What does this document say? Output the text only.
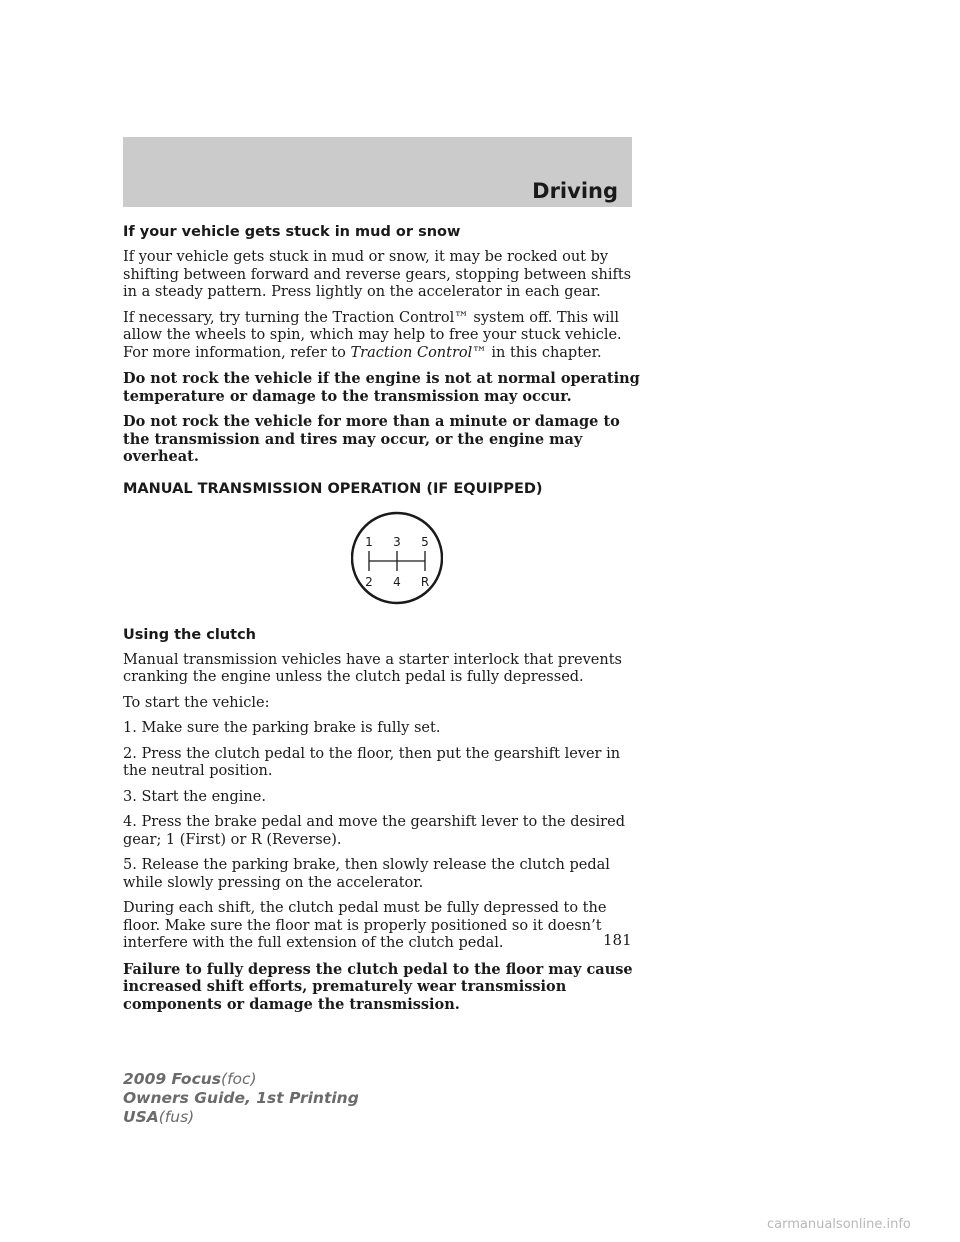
Driving
If your vehicle gets stuck in mud or snow

If your vehicle gets stuck in mud or snow, it may be rocked out by shifting between forward and reverse gears, stopping between shifts in a steady pattern. Press lightly on the accelerator in each gear.

If necessary, try turning the Traction Control™ system off. This will allow the wheels to spin, which may help to free your stuck vehicle. For more information, refer to Traction Control™ in this chapter.

Do not rock the vehicle if the engine is not at normal operating temperature or damage to the transmission may occur.

Do not rock the vehicle for more than a minute or damage to the transmission and tires may occur, or the engine may overheat.

MANUAL TRANSMISSION OPERATION (IF EQUIPPED)
1 3 5
2 4 R
Using the clutch

Manual transmission vehicles have a starter interlock that prevents cranking the engine unless the clutch pedal is fully depressed.

To start the vehicle:

1. Make sure the parking brake is fully set.

2. Press the clutch pedal to the floor, then put the gearshift lever in the neutral position.

3. Start the engine.

4. Press the brake pedal and move the gearshift lever to the desired gear; 1 (First) or R (Reverse).

5. Release the parking brake, then slowly release the clutch pedal while slowly pressing on the accelerator.

During each shift, the clutch pedal must be fully depressed to the floor. Make sure the floor mat is properly positioned so it doesn’t interfere with the full extension of the clutch pedal.

Failure to fully depress the clutch pedal to the floor may cause increased shift efforts, prematurely wear transmission components or damage the transmission.

181
2009 Focus(foc)
Owners Guide, 1st Printing
USA(fus)
carmanualsonline.info
